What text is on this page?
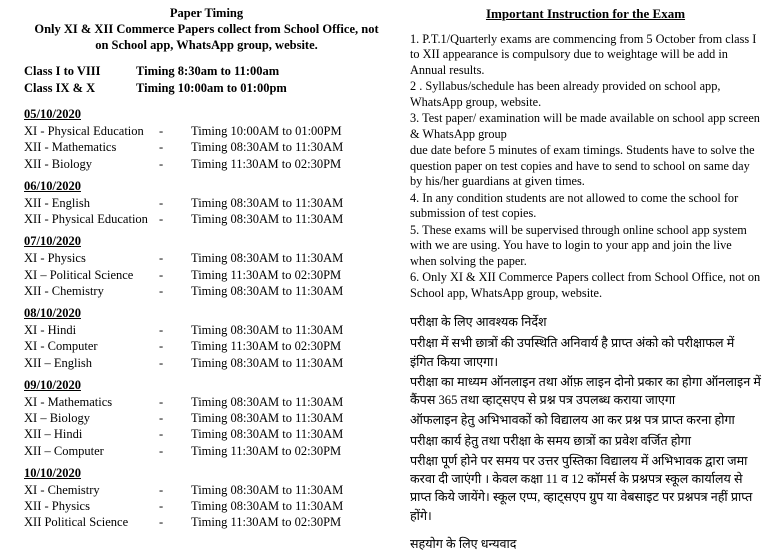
Paper Timing
Only XI & XII Commerce Papers collect from School Office, not on School app, WhatsApp group, website.
Class I to VIII	Timing 8:30am to 11:00am
Class IX & X	Timing 10:00am to 01:00pm
05/10/2020
XI - Physical Education	-	Timing 10:00AM to 01:00PM
XII - Mathematics	-	Timing 08:30AM to 11:30AM
XII - Biology	-	Timing 11:30AM to 02:30PM
06/10/2020
XII - English	-	Timing 08:30AM to 11:30AM
XII - Physical Education -	Timing 08:30AM to 11:30AM
07/10/2020
XI - Physics	-	Timing 08:30AM to 11:30AM
XI – Political Science	-	Timing 11:30AM to 02:30PM
XII - Chemistry	-	Timing 08:30AM to 11:30AM
08/10/2020
XI - Hindi	-	Timing 08:30AM to 11:30AM
XI - Computer	-	Timing 11:30AM to 02:30PM
XII – English	-	Timing 08:30AM to 11:30AM
09/10/2020
XI - Mathematics	-	Timing 08:30AM to 11:30AM
XI – Biology	-	Timing 08:30AM to 11:30AM
XII – Hindi	-	Timing 08:30AM to 11:30AM
XII – Computer	-	Timing 11:30AM to 02:30PM
10/10/2020
XI - Chemistry	-	Timing 08:30AM to 11:30AM
XII - Physics	-	Timing 08:30AM to 11:30AM
XII Political Science	-	Timing 11:30AM to 02:30PM
Important Instruction for the Exam
1. P.T.1/Quarterly exams are commencing from 5 October from class I to XII appearance is compulsory due to weightage will be add in Annual results.
2 . Syllabus/schedule has been already provided on school app, WhatsApp group, website.
3. Test paper/ examination will be made available on school app screen & WhatsApp group
due date before 5 minutes of exam timings. Students have to solve the question paper on test copies and have to send to school on same day by his/her guardians at given times.
4. In any condition students are not allowed to come the school for submission of test copies.
5. These exams will be supervised through online school app system with we are using. You have to login to your app and join the live when solving the paper.
6. Only XI & XII Commerce Papers collect from School Office, not on School app, WhatsApp group, website.
परीक्षा के लिए आवश्यक निर्देश
परीक्षा में सभी छात्रों की उपस्थिति अनिवार्य है प्राप्त अंको को परीक्षाफल में इंगित किया जाएगा।
परीक्षा का माध्यम ऑनलाइन तथा ऑफ़ लाइन दोनो प्रकार का होगा ऑनलाइन में कैंपस 365 तथा व्हाट्सएप से प्रश्न पत्र उपलब्ध कराया जाएगा
ऑफलाइन हेतु अभिभावकों को विद्यालय आ कर प्रश्न पत्र प्राप्त करना होगा
परीक्षा कार्य हेतु तथा परीक्षा के समय छात्रों का प्रवेश वर्जित होगा
परीक्षा पूर्ण होने पर समय पर उत्तर पुस्तिका विद्यालय में अभिभावक द्वारा जमा करवा दी जाएंगी । केवल कक्षा 11 व 12 कॉमर्स के प्रश्नपत्र स्कूल कार्यालय से प्राप्त किये जायेंगे। स्कूल एप्प, व्हाट्सएप ग्रुप या वेबसाइट पर प्रश्नपत्र नहीं प्राप्त होंगे।
सहयोग के लिए धन्यवाद
